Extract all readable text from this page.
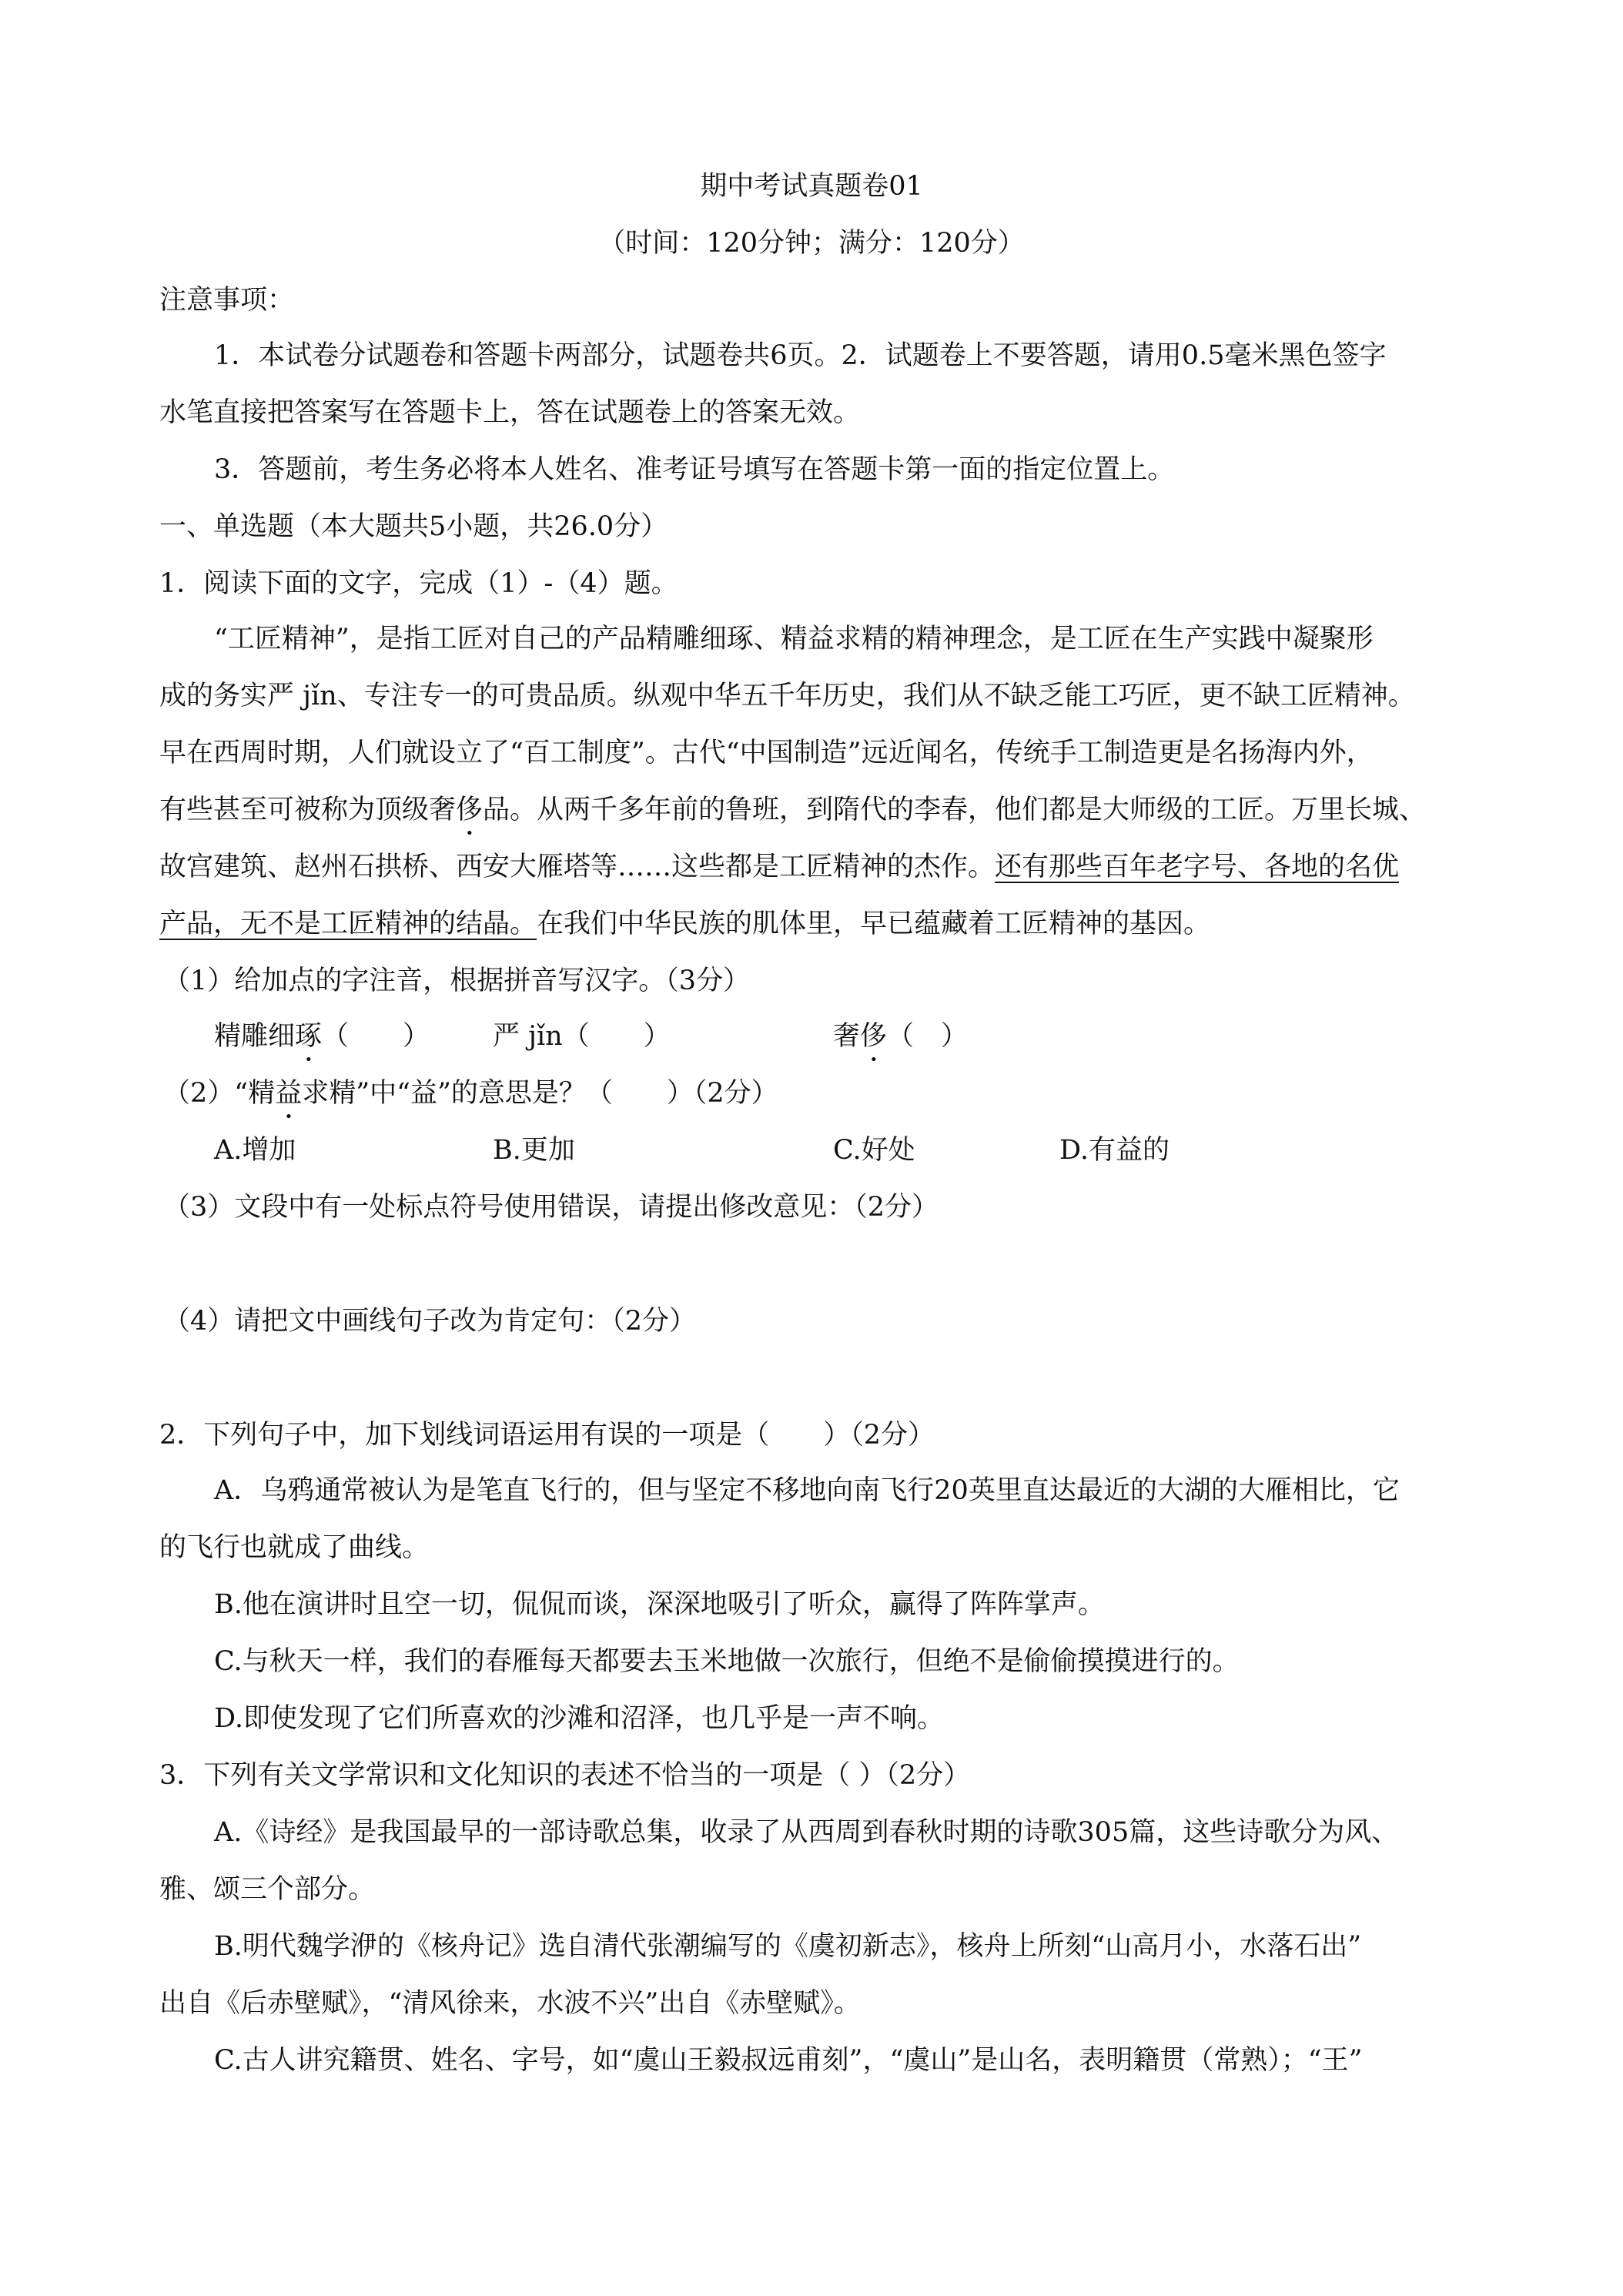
期中考试真题卷01

（时间：120分钟；满分：120分）

注意事项：

1．本试卷分试题卷和答题卡两部分，试题卷共6页。2．试题卷上不要答题，请用0.5毫米黑色签字

水笔直接把答案写在答题卡上，答在试题卷上的答案无效。

3．答题前，考生务必将本人姓名、准考证号填写在答题卡第一面的指定位置上。

一、单选题（本大题共5小题，共26.0分）

1．阅读下面的文字，完成（1）-（4）题。

“工匠精神”，是指工匠对自己的产品精雕细琢、精益求精的精神理念，是工匠在生产实践中凝聚形

成的务实严 jǐn、专注专一的可贵品质。纵观中华五千年历史，我们从不缺乏能工巧匠，更不缺工匠精神。

早在西周时期，人们就设立了“百工制度”。古代“中国制造”远近闻名，传统手工制造更是名扬海内外，

有些甚至可被称为顶级奢侈品。从两千多年前的鲁班，到隋代的李春，他们都是大师级的工匠。万里长城、

故宫建筑、赵州石拱桥、西安大雁塔等……这些都是工匠精神的杰作。还有那些百年老字号、各地的名优

产品，无不是工匠精神的结晶。在我们中华民族的肌体里，早已蕴藏着工匠精神的基因。

（1）给加点的字注音，根据拼音写汉字。（3分）

精雕细琢（　　） 严 jǐn（　　）	奢侈（　）

（2）“精益求精”中“益”的意思是？（　　）（2分）

A.增加	B.更加	C.好处	D.有益的

（3）文段中有一处标点符号使用错误，请提出修改意见：（2分）

（4）请把文中画线句子改为肯定句：（2分）

2．下列句子中，加下划线词语运用有误的一项是（　　）（2分）

A．乌鸦通常被认为是笔直飞行的，但与坚定不移地向南飞行20英里直达最近的大湖的大雁相比，它

的飞行也就成了曲线。

B.他在演讲时且空一切，侃侃而谈，深深地吸引了听众，赢得了阵阵掌声。

C.与秋天一样，我们的春雁每天都要去玉米地做一次旅行，但绝不是偷偷摸摸进行的。

D.即使发现了它们所喜欢的沙滩和沼泽，也几乎是一声不响。

3．下列有关文学常识和文化知识的表述不恰当的一项是（ ）（2分）

A.《诗经》是我国最早的一部诗歌总集，收录了从西周到春秋时期的诗歌305篇，这些诗歌分为风、

雅、颂三个部分。

B.明代魏学洢的《核舟记》选自清代张潮编写的《虞初新志》，核舟上所刻“山高月小，水落石出”

出自《后赤壁赋》，“清风徐来，水波不兴”出自《赤壁赋》。

C.古人讲究籍贯、姓名、字号，如“虞山王毅叔远甫刻”，“虞山”是山名，表明籍贯（常熟）；“王”
